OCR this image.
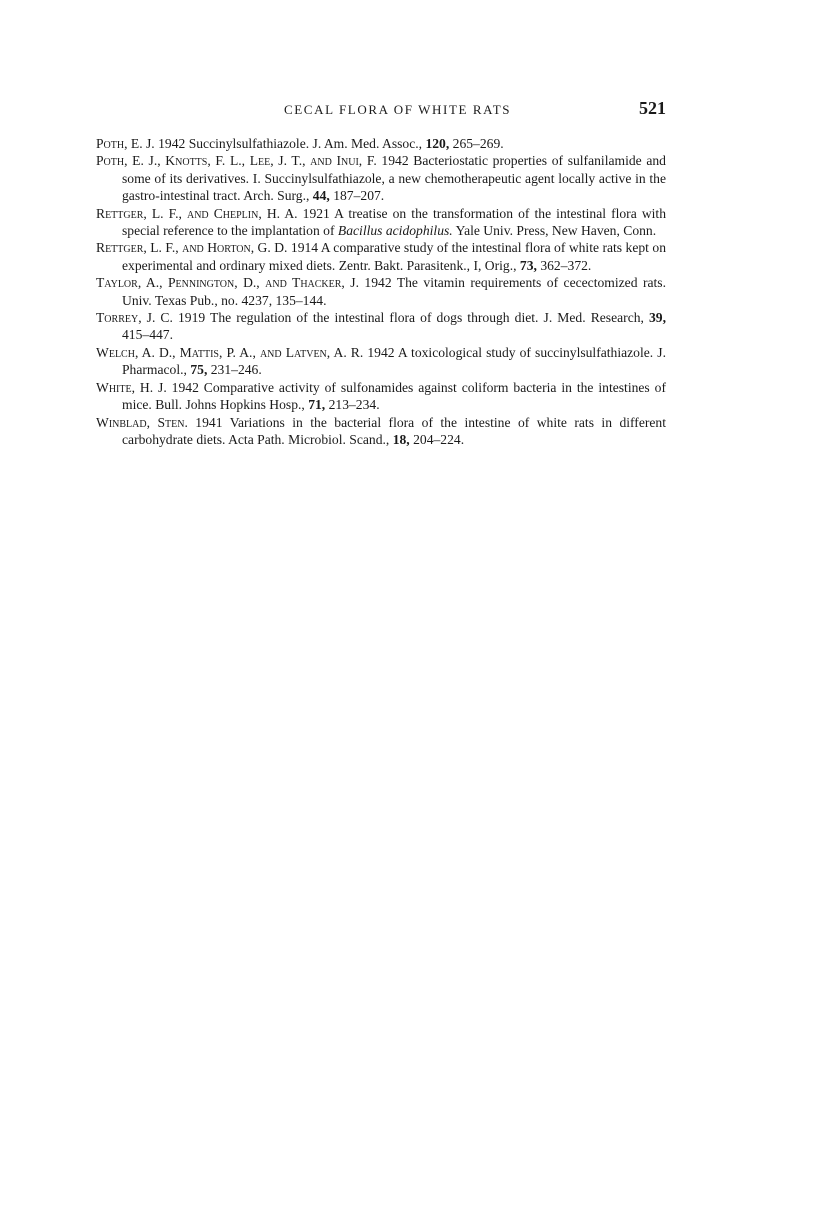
CECAL FLORA OF WHITE RATS	521

Poth, E. J. 1942 Succinylsulfathiazole. J. Am. Med. Assoc., 120, 265–269.

Poth, E. J., Knotts, F. L., Lee, J. T., and Inui, F. 1942 Bacteriostatic properties of sulfanilamide and some of its derivatives. I. Succinylsulfathiazole, a new chemotherapeutic agent locally active in the gastro-intestinal tract. Arch. Surg., 44, 187–207.

Rettger, L. F., and Cheplin, H. A. 1921 A treatise on the transformation of the intestinal flora with special reference to the implantation of Bacillus acidophilus. Yale Univ. Press, New Haven, Conn.

Rettger, L. F., and Horton, G. D. 1914 A comparative study of the intestinal flora of white rats kept on experimental and ordinary mixed diets. Zentr. Bakt. Parasitenk., I, Orig., 73, 362–372.

Taylor, A., Pennington, D., and Thacker, J. 1942 The vitamin requirements of cecectomized rats. Univ. Texas Pub., no. 4237, 135–144.

Torrey, J. C. 1919 The regulation of the intestinal flora of dogs through diet. J. Med. Research, 39, 415–447.

Welch, A. D., Mattis, P. A., and Latven, A. R. 1942 A toxicological study of succinylsulfathiazole. J. Pharmacol., 75, 231–246.

White, H. J. 1942 Comparative activity of sulfonamides against coliform bacteria in the intestines of mice. Bull. Johns Hopkins Hosp., 71, 213–234.

Winblad, Sten. 1941 Variations in the bacterial flora of the intestine of white rats in different carbohydrate diets. Acta Path. Microbiol. Scand., 18, 204–224.
